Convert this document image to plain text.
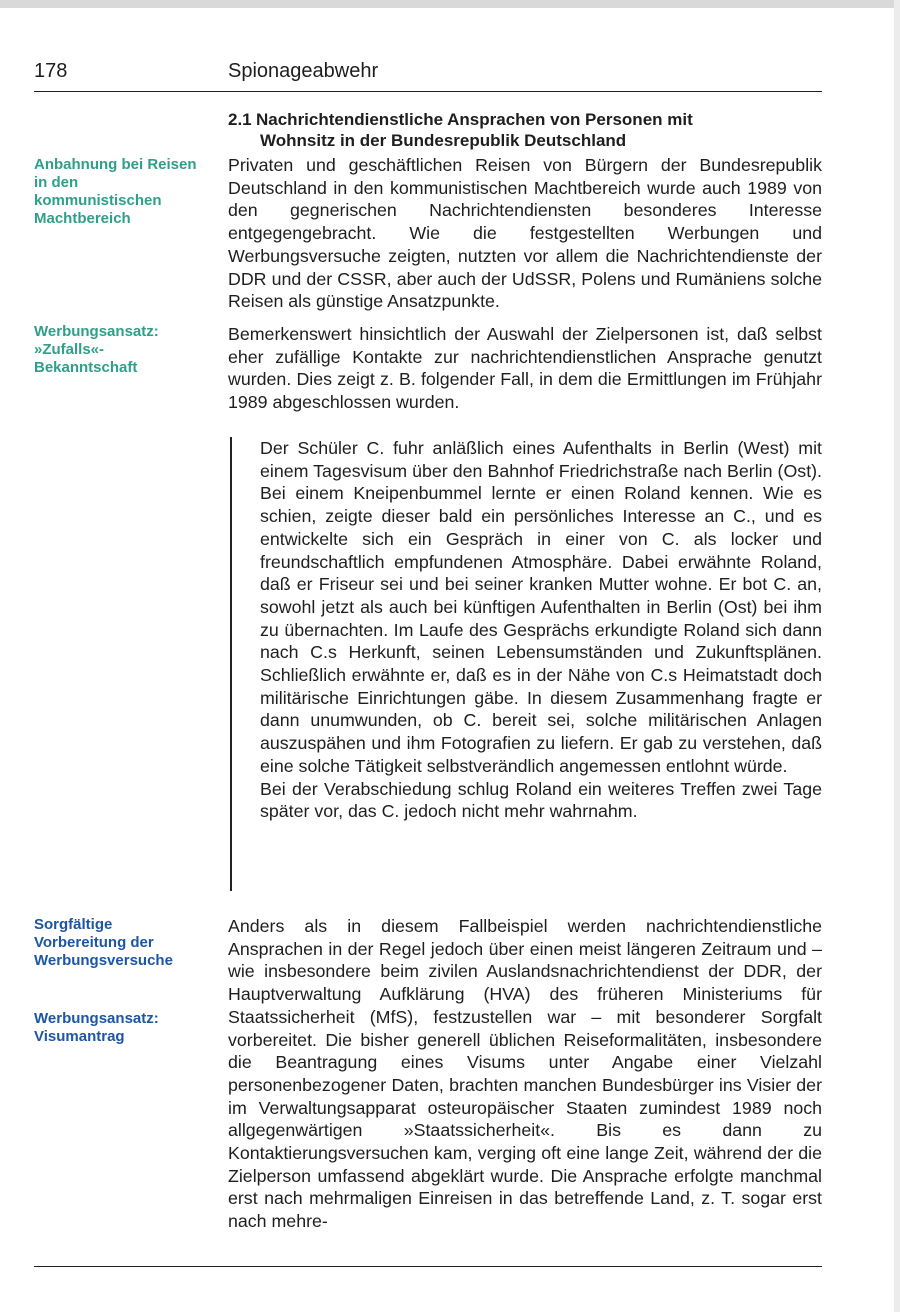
178	Spionageabwehr
Anbahnung bei Reisen in den kommunistischen Machtbereich
Werbungsansatz: »Zufalls«-Bekanntschaft
Sorgfältige Vorbereitung der Werbungsversuche
Werbungsansatz: Visumantrag
2.1 Nachrichtendienstliche Ansprachen von Personen mit
Wohnsitz in der Bundesrepublik Deutschland

Privaten und geschäftlichen Reisen von Bürgern der Bundesrepublik Deutschland in den kommunistischen Machtbereich wurde auch 1989 von den gegnerischen Nachrichtendiensten besonderes Interesse entgegengebracht. Wie die festgestellten Werbungen und Werbungsversuche zeigten, nutzten vor allem die Nachrichtendienste der DDR und der CSSR, aber auch der UdSSR, Polens und Rumäniens solche Reisen als günstige Ansatzpunkte.

Bemerkenswert hinsichtlich der Auswahl der Zielpersonen ist, daß selbst eher zufällige Kontakte zur nachrichtendienstlichen Ansprache genutzt wurden. Dies zeigt z. B. folgender Fall, in dem die Ermittlungen im Frühjahr 1989 abgeschlossen wurden.

Der Schüler C. fuhr anläßlich eines Aufenthalts in Berlin (West) mit einem Tagesvisum über den Bahnhof Friedrichstraße nach Berlin (Ost). Bei einem Kneipenbummel lernte er einen Roland kennen. Wie es schien, zeigte dieser bald ein persönliches Interesse an C., und es entwickelte sich ein Gespräch in einer von C. als locker und freundschaftlich empfundenen Atmosphäre. Dabei erwähnte Roland, daß er Friseur sei und bei seiner kranken Mutter wohne. Er bot C. an, sowohl jetzt als auch bei künftigen Aufenthalten in Berlin (Ost) bei ihm zu übernachten. Im Laufe des Gesprächs erkundigte Roland sich dann nach C.s Herkunft, seinen Lebensumständen und Zukunftsplänen. Schließlich erwähnte er, daß es in der Nähe von C.s Heimatstadt doch militärische Einrichtungen gäbe. In diesem Zusammenhang fragte er dann unumwunden, ob C. bereit sei, solche militärischen Anlagen auszuspähen und ihm Fotografien zu liefern. Er gab zu verstehen, daß eine solche Tätigkeit selbstverändlich angemessen entlohnt würde.

Bei der Verabschiedung schlug Roland ein weiteres Treffen zwei Tage später vor, das C. jedoch nicht mehr wahrnahm.

Anders als in diesem Fallbeispiel werden nachrichtendienstliche Ansprachen in der Regel jedoch über einen meist längeren Zeitraum und – wie insbesondere beim zivilen Auslandsnachrichtendienst der DDR, der Hauptverwaltung Aufklärung (HVA) des früheren Ministeriums für Staatssicherheit (MfS), festzustellen war – mit besonderer Sorgfalt vorbereitet. Die bisher generell üblichen Reiseformalitäten, insbesondere die Beantragung eines Visums unter Angabe einer Vielzahl personenbezogener Daten, brachten manchen Bundesbürger ins Visier der im Verwaltungsapparat osteuropäischer Staaten zumindest 1989 noch allgegenwärtigen »Staatssicherheit«. Bis es dann zu Kontaktierungsversuchen kam, verging oft eine lange Zeit, während der die Zielperson umfassend abgeklärt wurde. Die Ansprache erfolgte manchmal erst nach mehrmaligen Einreisen in das betreffende Land, z. T. sogar erst nach mehre-
